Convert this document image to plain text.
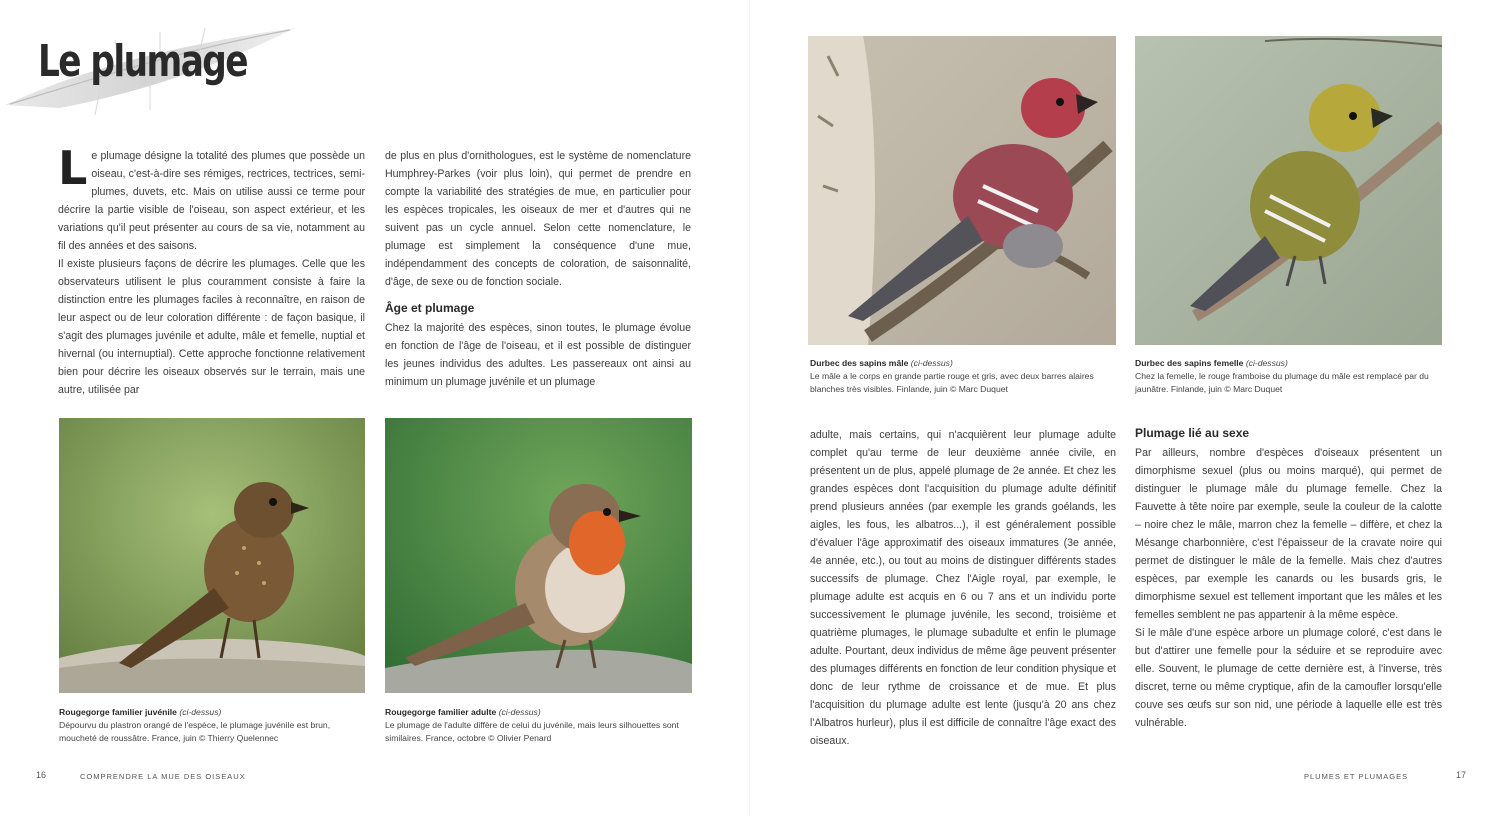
Le plumage

Le plumage désigne la totalité des plumes que possède un oiseau, c'est-à-dire ses rémiges, rectrices, tectrices, semi-plumes, duvets, etc. Mais on utilise aussi ce terme pour décrire la partie visible de l'oiseau, son aspect extérieur, et les variations qu'il peut présenter au cours de sa vie, notamment au fil des années et des saisons.

Il existe plusieurs façons de décrire les plumages. Celle que les observateurs utilisent le plus couramment consiste à faire la distinction entre les plumages faciles à reconnaître, en raison de leur aspect ou de leur coloration différente : de façon basique, il s'agit des plumages juvénile et adulte, mâle et femelle, nuptial et hivernal (ou internuptial). Cette approche fonctionne relativement bien pour décrire les oiseaux observés sur le terrain, mais une autre, utilisée par

de plus en plus d'ornithologues, est le système de nomenclature Humphrey-Parkes (voir plus loin), qui permet de prendre en compte la variabilité des stratégies de mue, en particulier pour les espèces tropicales, les oiseaux de mer et d'autres qui ne suivent pas un cycle annuel. Selon cette nomenclature, le plumage est simplement la conséquence d'une mue, indépendamment des concepts de coloration, de saisonnalité, d'âge, de sexe ou de fonction sociale.

Âge et plumage

Chez la majorité des espèces, sinon toutes, le plumage évolue en fonction de l'âge de l'oiseau, et il est possible de distinguer les jeunes individus des adultes. Les passereaux ont ainsi au minimum un plumage juvénile et un plumage

Rougegorge familier juvénile (ci-dessus)
Dépourvu du plastron orangé de l'espèce, le plumage juvénile est brun, moucheté de roussâtre. France, juin © Thierry Quelennec
Rougegorge familier adulte (ci-dessus)
Le plumage de l'adulte diffère de celui du juvénile, mais leurs silhouettes sont similaires. France, octobre © Olivier Penard
16	COMPRENDRE LA MUE DES OISEAUX
Durbec des sapins mâle (ci-dessus)
Le mâle a le corps en grande partie rouge et gris, avec deux barres alaires blanches très visibles. Finlande, juin © Marc Duquet
Durbec des sapins femelle (ci-dessus)
Chez la femelle, le rouge framboise du plumage du mâle est remplacé par du jaunâtre. Finlande, juin © Marc Duquet

adulte, mais certains, qui n'acquièrent leur plumage adulte complet qu'au terme de leur deuxième année civile, en présentent un de plus, appelé plumage de 2e année. Et chez les grandes espèces dont l'acquisition du plumage adulte définitif prend plusieurs années (par exemple les grands goélands, les aigles, les fous, les albatros...), il est généralement possible d'évaluer l'âge approximatif des oiseaux immatures (3e année, 4e année, etc.), ou tout au moins de distinguer différents stades successifs de plumage. Chez l'Aigle royal, par exemple, le plumage adulte est acquis en 6 ou 7 ans et un individu porte successivement le plumage juvénile, les second, troisième et quatrième plumages, le plumage subadulte et enfin le plumage adulte. Pourtant, deux individus de même âge peuvent présenter des plumages différents en fonction de leur condition physique et donc de leur rythme de croissance et de mue. Et plus l'acquisition du plumage adulte est lente (jusqu'à 20 ans chez l'Albatros hurleur), plus il est difficile de connaître l'âge exact des oiseaux.

Plumage lié au sexe

Par ailleurs, nombre d'espèces d'oiseaux présentent un dimorphisme sexuel (plus ou moins marqué), qui permet de distinguer le plumage mâle du plumage femelle. Chez la Fauvette à tête noire par exemple, seule la couleur de la calotte – noire chez le mâle, marron chez la femelle – diffère, et chez la Mésange charbonnière, c'est l'épaisseur de la cravate noire qui permet de distinguer le mâle de la femelle. Mais chez d'autres espèces, par exemple les canards ou les busards gris, le dimorphisme sexuel est tellement important que les mâles et les femelles semblent ne pas appartenir à la même espèce.

Si le mâle d'une espèce arbore un plumage coloré, c'est dans le but d'attirer une femelle pour la séduire et se reproduire avec elle. Souvent, le plumage de cette dernière est, à l'inverse, très discret, terne ou même cryptique, afin de la camoufler lorsqu'elle couve ses œufs sur son nid, une période à laquelle elle est très vulnérable.

PLUMES ET PLUMAGES	17
